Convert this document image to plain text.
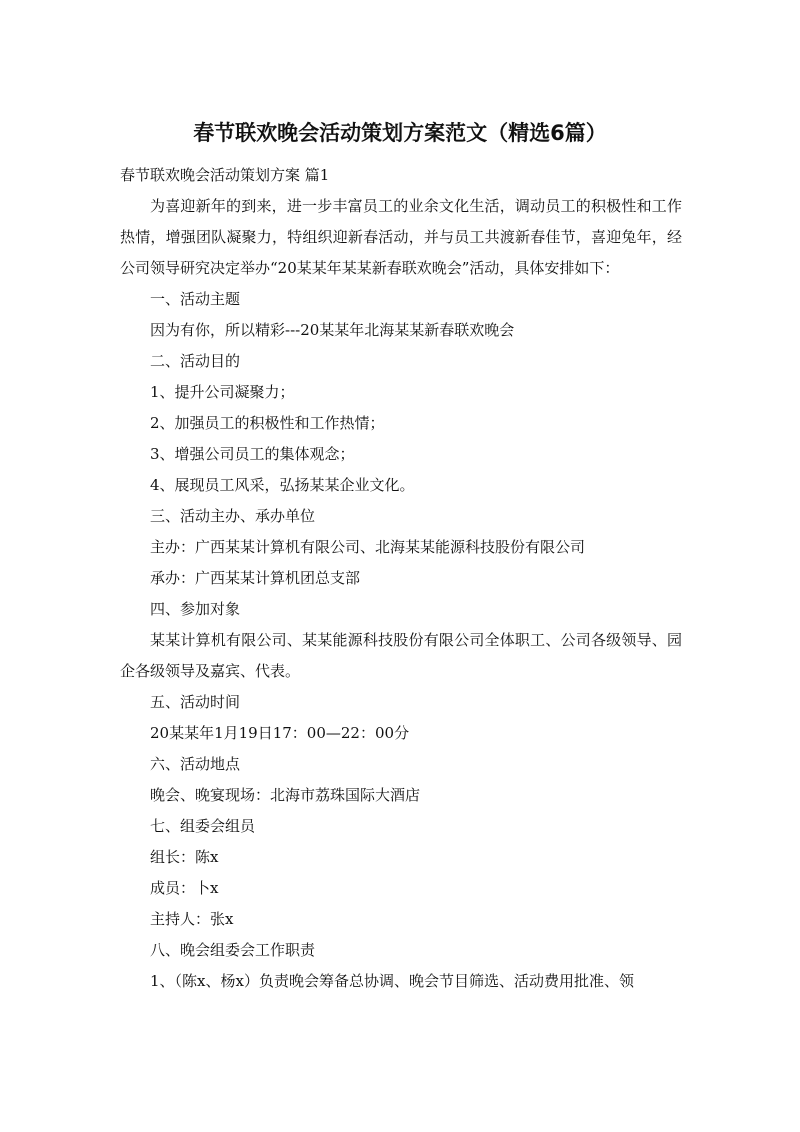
春节联欢晚会活动策划方案范文（精选6篇）

春节联欢晚会活动策划方案 篇1

为喜迎新年的到来，进一步丰富员工的业余文化生活，调动员工的积极性和工作热情，增强团队凝聚力，特组织迎新春活动，并与员工共渡新春佳节，喜迎兔年，经公司领导研究决定举办“20某某年某某新春联欢晚会”活动，具体安排如下：

一、活动主题

因为有你，所以精彩---20某某年北海某某新春联欢晚会

二、活动目的

1、提升公司凝聚力；

2、加强员工的积极性和工作热情；

3、增强公司员工的集体观念；

4、展现员工风采，弘扬某某企业文化。

三、活动主办、承办单位

主办：广西某某计算机有限公司、北海某某能源科技股份有限公司

承办：广西某某计算机团总支部

四、参加对象

某某计算机有限公司、某某能源科技股份有限公司全体职工、公司各级领导、园企各级领导及嘉宾、代表。

五、活动时间

20某某年1月19日17：00—22：00分

六、活动地点

晚会、晚宴现场：北海市荔珠国际大酒店

七、组委会组员

组长：陈x

成员：卜x

主持人：张x

八、晚会组委会工作职责

1、（陈x、杨x）负责晚会筹备总协调、晚会节目筛选、活动费用批准、领
